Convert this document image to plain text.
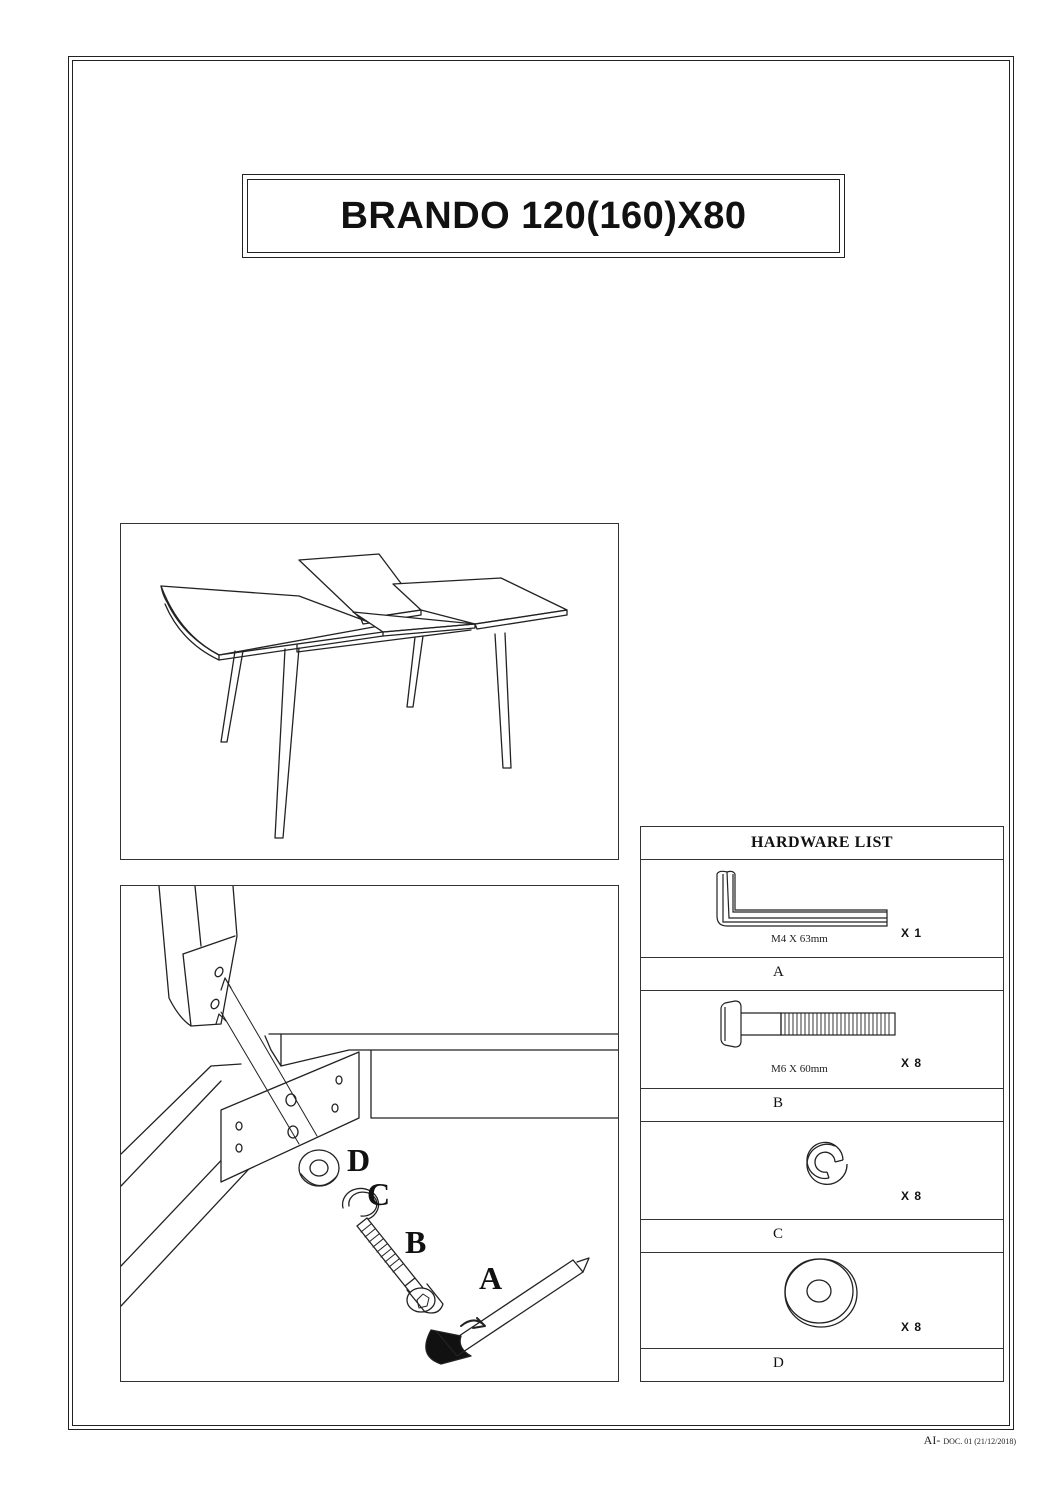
BRANDO 120(160)X80
D
C
B
A
HARDWARE LIST
M4 X 63mm	X 1
A
M6 X 60mm	X 8
B
X 8
C
X 8
D
AI- DOC. 01 (21/12/2018)
